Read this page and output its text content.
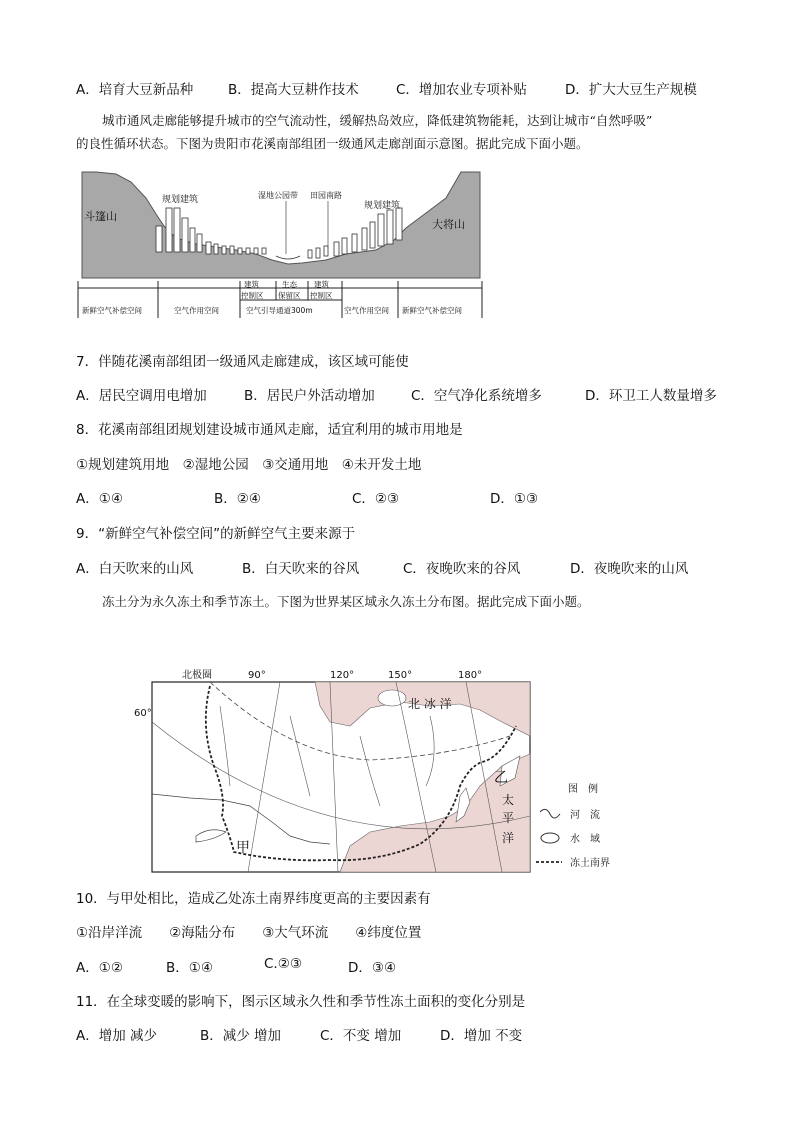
A．培育大豆新品种	B．提高大豆耕作技术	C．增加农业专项补贴	D．扩大大豆生产规模
城市通风走廊能够提升城市的空气流动性，缓解热岛效应，降低建筑物能耗，达到让城市“自然呼吸”
的良性循环状态。下图为贵阳市花溪南部组团一级通风走廊剖面示意图。据此完成下面小题。
斗篷山
大将山
规划建筑
规划建筑
湿地公园带 田园南路
建筑
控制区
生态
保留区
建筑
控制区
新鲜空气补偿空间	空气作用空间	空气引导通道300m	空气作用空间 新鲜空气补偿空间
7．伴随花溪南部组团一级通风走廊建成，该区域可能使
A．居民空调用电增加	B．居民户外活动增加	C．空气净化系统增多	D．环卫工人数量增多
8．花溪南部组团规划建设城市通风走廊，适宜利用的城市用地是
①规划建筑用地　②湿地公园　③交通用地　④未开发土地
A．①④	B．②④	C．②③	D．①③
9．“新鲜空气补偿空间”的新鲜空气主要来源于
A．白天吹来的山风	B．白天吹来的谷风	C．夜晚吹来的谷风	D．夜晚吹来的山风
冻土分为永久冻土和季节冻土。下图为世界某区域永久冻土分布图。据此完成下面小题。
北极圈	90°	120°	150°	180°
60°
北 冰 洋
太
平
洋
甲
乙
图　例
河　流
水　域
冻土南界
10．与甲处相比，造成乙处冻土南界纬度更高的主要因素有
①沿岸洋流　　②海陆分布　　③大气环流　　④纬度位置
A．①②	B．①④	C.②③	D．③④
11．在全球变暖的影响下，图示区域永久性和季节性冻土面积的变化分别是
A．增加 减少	B．减少 增加	C．不变 增加	D．增加 不变
